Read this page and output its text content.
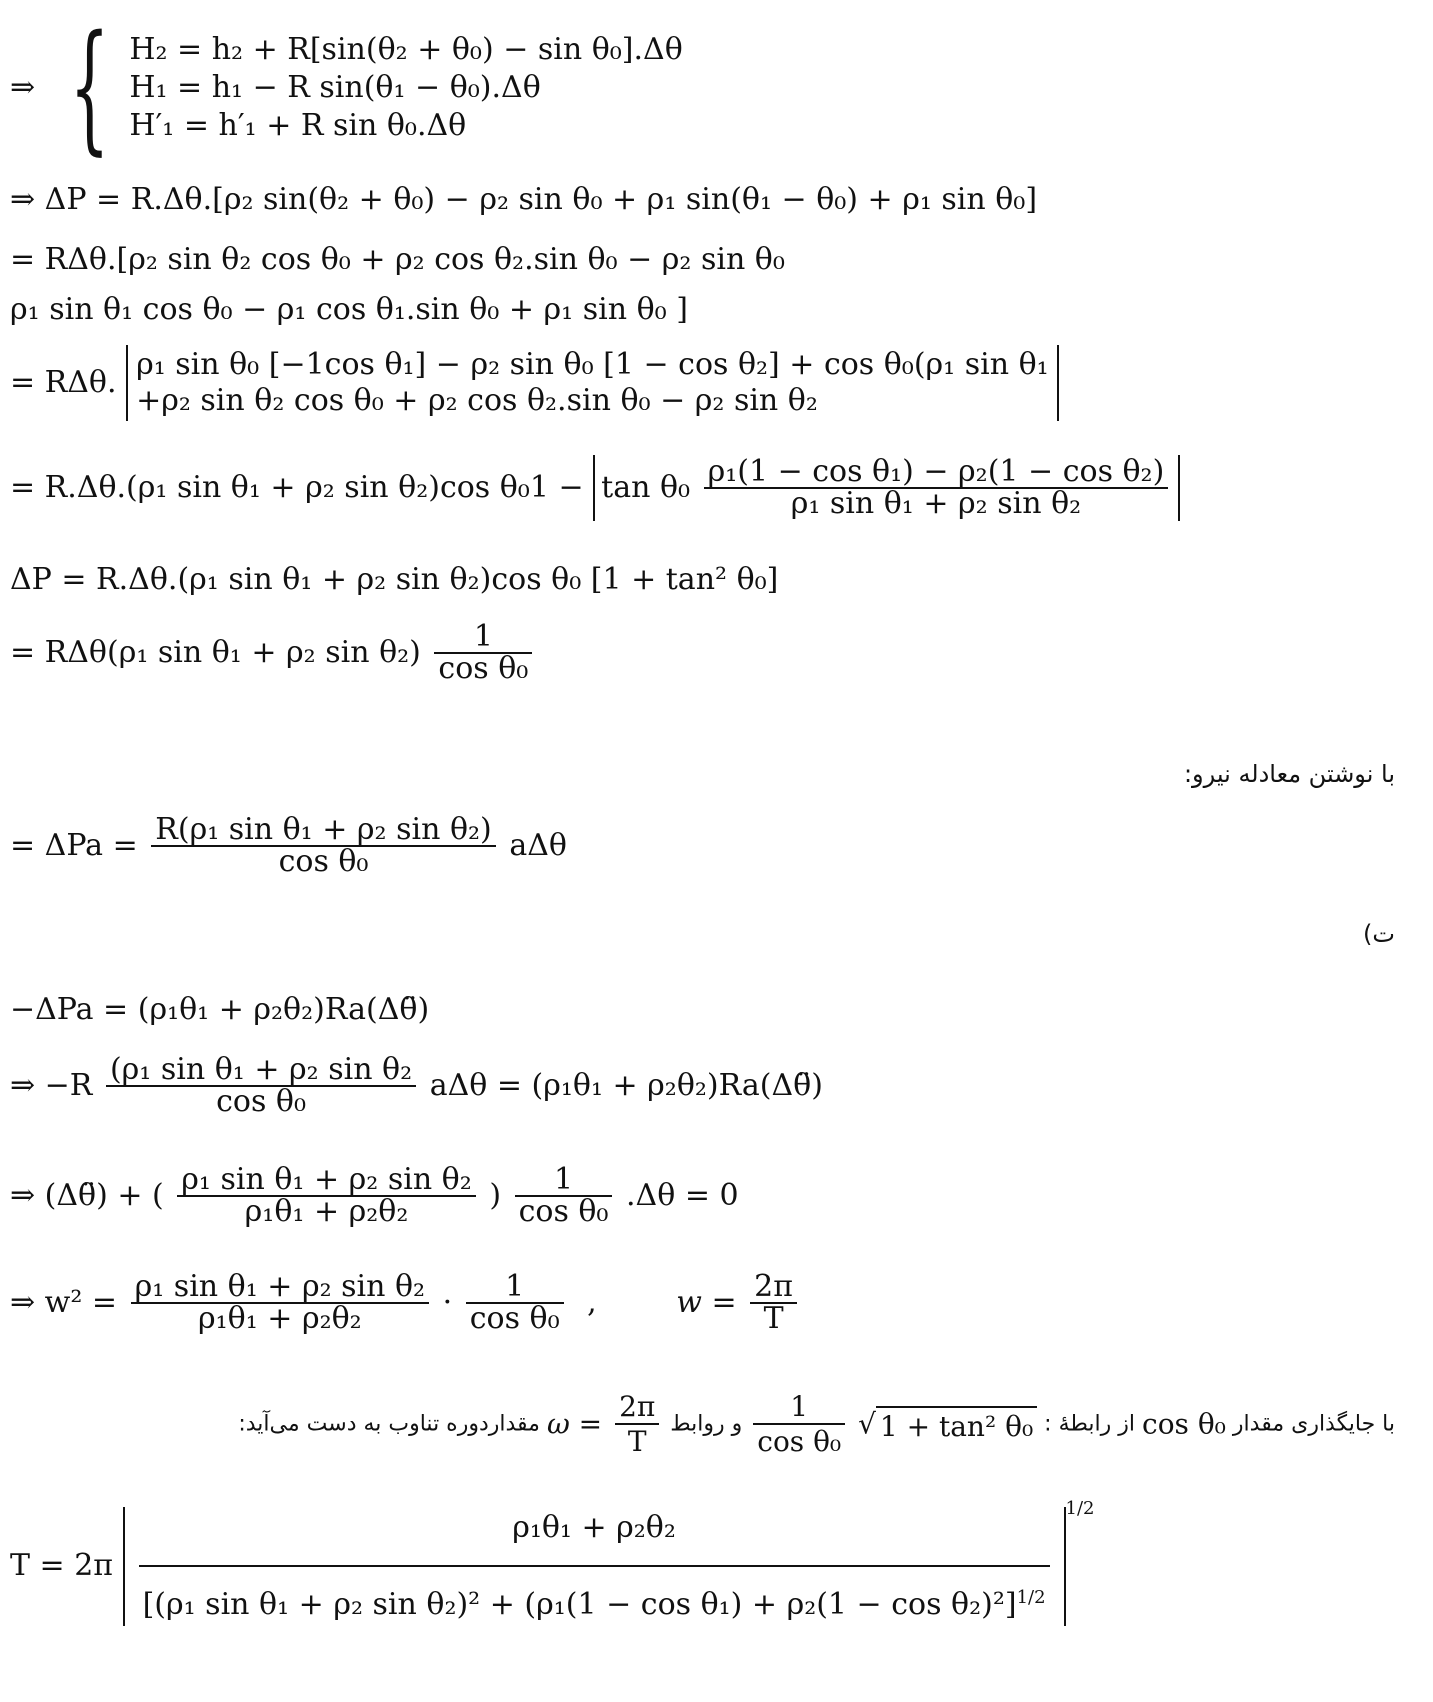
⇒ { H₂ = h₂ + R[sin(θ₂ + θ₀) − sin θ₀].Δθ
H₁ = h₁ − R sin(θ₁ − θ₀).Δθ
H′₁ = h′₁ + R sin θ₀.Δθ
⇒ ΔP = R.Δθ.[ρ₂ sin(θ₂ + θ₀) − ρ₂ sin θ₀ + ρ₁ sin(θ₁ − θ₀) + ρ₁ sin θ₀]
= RΔθ.[ρ₂ sin θ₂ cos θ₀ + ρ₂ cos θ₂.sin θ₀ − ρ₂ sin θ₀
ρ₁ sin θ₁ cos θ₀ − ρ₁ cos θ₁.sin θ₀ + ρ₁ sin θ₀ ]
= RΔθ.
ρ₁ sin θ₀ [−1cos θ₁] − ρ₂ sin θ₀ [1 − cos θ₂] + cos θ₀(ρ₁ sin θ₁
+ρ₂ sin θ₂ cos θ₀ + ρ₂ cos θ₂.sin θ₀ − ρ₂ sin θ₂
= R.Δθ.(ρ₁ sin θ₁ + ρ₂ sin θ₂)cos $\theta_01 - \tan \theta_0 \frac{\text{ρ₁(1 − cos θ₁) − ρ₂(1 − cos θ₂)}}{\text{ρ₁ sin θ₁ + ρ₂ sin θ₂}}$
ΔP = R.Δθ.(ρ₁ sin θ₁ + ρ₂ sin θ₂)cos θ₀ [1 + tan² θ₀]
= RΔθ(ρ₁ sin θ₁ + ρ₂ $\sin \theta_2) \frac{1}{\text{cos θ₀}}$
با نوشتن معادله نیرو:
= $\Delta Pa = \frac{\text{R(ρ₁ sin θ₁ + ρ₂ sin θ₂)}}{\text{cos θ₀}}$ aΔθ
ت)
−ΔPa = (ρ₁θ₁ + ρ₂θ₂)Ra(Δθ̈)
⇒ $-R \frac{\text{(ρ₁ sin θ₁ + ρ₂ sin θ₂}}{\text{cos θ₀}}$ aΔθ = (ρ₁θ₁ + ρ₂θ₂)Ra(Δθ̈)
⇒ (Δθ̈) + ( $\frac{\text{ρ₁ sin θ₁ + ρ₂ sin θ₂}}{\text{ρ₁θ₁ + ρ₂θ₂}}$ ) $\frac{1}{\text{cos θ₀}} .\Delta\theta = 0$
⇒ $w^2 = \frac{\text{ρ₁ sin θ₁ + ρ₂ sin θ₂}}{\text{ρ₁θ₁ + ρ₂θ₂}} \cdot \frac{1}{\text{cos θ₀}}$ ,	$w = \frac{2\pi}{T}$
با جایگذاری مقدار cos θ₀ از رابطهٔ :
$\frac{1}{\text{cos θ₀}}$ √ 1 + tan² θ₀ و روابط $\omega = \frac{2\pi}{T}$
مقداردوره تناوب به دست می‌آید:
T = 2π
ρ₁θ₁ + ρ₂θ₂
[(ρ₁ sin θ₁ + ρ₂ sin θ₂)² + (ρ₁(1 − cos θ₁) + ρ₂(1 − cos θ₂)²]$^{1/2}$
$^{1/2}$
